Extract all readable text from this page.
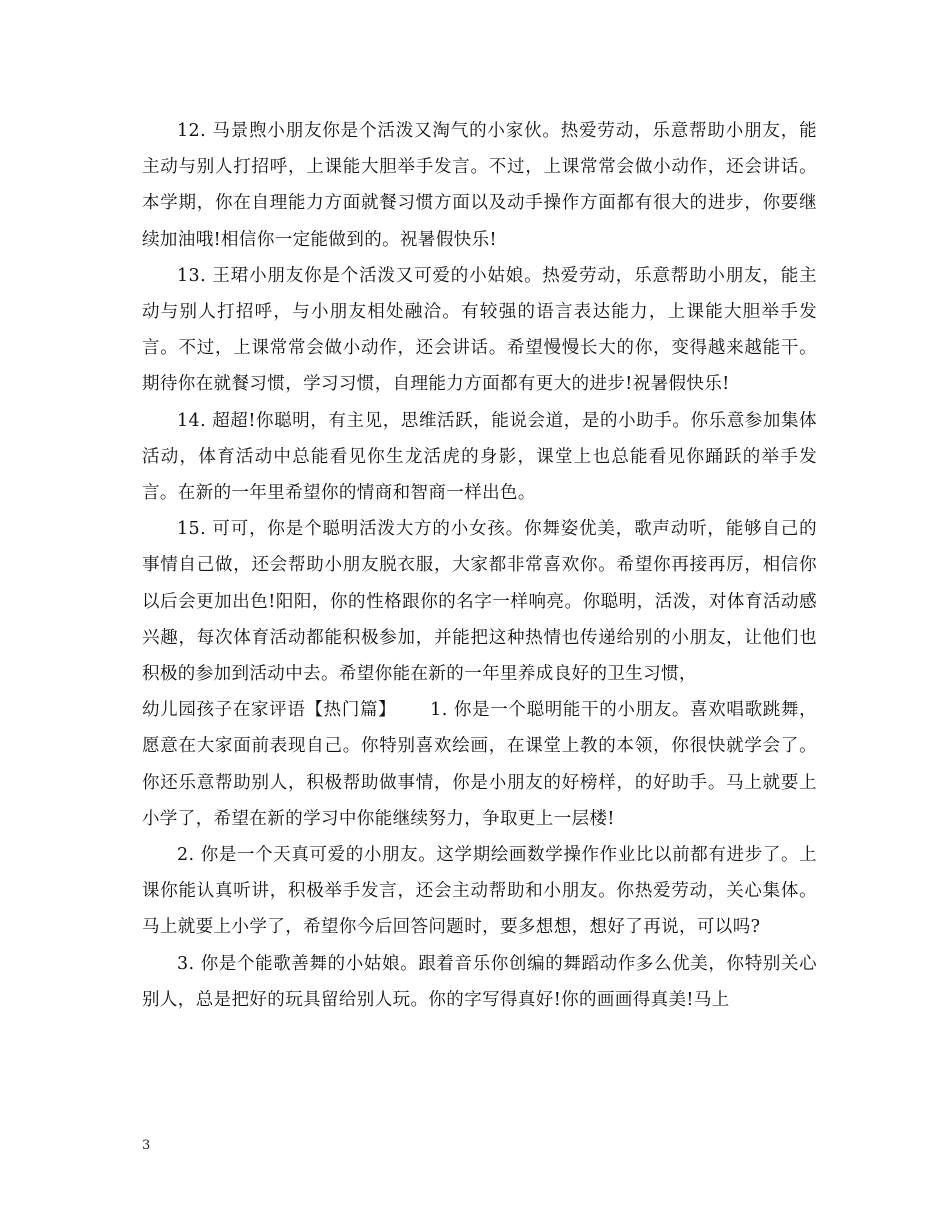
12. 马景煦小朋友你是个活泼又淘气的小家伙。热爱劳动，乐意帮助小朋友，能主动与别人打招呼，上课能大胆举手发言。不过，上课常常会做小动作，还会讲话。本学期，你在自理能力方面就餐习惯方面以及动手操作方面都有很大的进步，你要继续加油哦!相信你一定能做到的。祝暑假快乐!

13. 王珺小朋友你是个活泼又可爱的小姑娘。热爱劳动，乐意帮助小朋友，能主动与别人打招呼，与小朋友相处融洽。有较强的语言表达能力，上课能大胆举手发言。不过，上课常常会做小动作，还会讲话。希望慢慢长大的你，变得越来越能干。期待你在就餐习惯，学习习惯，自理能力方面都有更大的进步!祝暑假快乐!

14. 超超!你聪明，有主见，思维活跃，能说会道，是的小助手。你乐意参加集体活动，体育活动中总能看见你生龙活虎的身影，课堂上也总能看见你踊跃的举手发言。在新的一年里希望你的情商和智商一样出色。

15. 可可，你是个聪明活泼大方的小女孩。你舞姿优美，歌声动听，能够自己的事情自己做，还会帮助小朋友脱衣服，大家都非常喜欢你。希望你再接再厉，相信你以后会更加出色!阳阳，你的性格跟你的名字一样响亮。你聪明，活泼，对体育活动感兴趣，每次体育活动都能积极参加，并能把这种热情也传递给别的小朋友，让他们也积极的参加到活动中去。希望你能在新的一年里养成良好的卫生习惯，

幼儿园孩子在家评语【热门篇】　　 1. 你是一个聪明能干的小朋友。喜欢唱歌跳舞，愿意在大家面前表现自己。你特别喜欢绘画，在课堂上教的本领，你很快就学会了。你还乐意帮助别人，积极帮助做事情，你是小朋友的好榜样，的好助手。马上就要上小学了，希望在新的学习中你能继续努力，争取更上一层楼!

2. 你是一个天真可爱的小朋友。这学期绘画数学操作作业比以前都有进步了。上课你能认真听讲，积极举手发言，还会主动帮助和小朋友。你热爱劳动，关心集体。马上就要上小学了，希望你今后回答问题时，要多想想，想好了再说，可以吗?

3. 你是个能歌善舞的小姑娘。跟着音乐你创编的舞蹈动作多么优美，你特别关心别人，总是把好的玩具留给别人玩。你的字写得真好!你的画画得真美!马上

3
